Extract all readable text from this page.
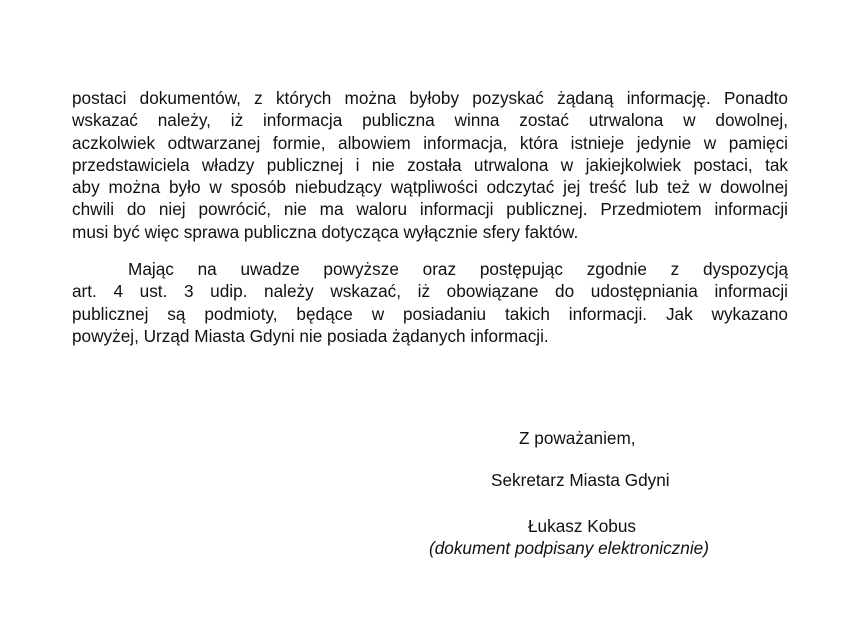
postaci dokumentów, z których można byłoby pozyskać żądaną informację. Ponadto
wskazać należy, iż informacja publiczna winna zostać utrwalona w dowolnej,
aczkolwiek odtwarzanej formie, albowiem informacja, która istnieje jedynie w pamięci
przedstawiciela władzy publicznej i nie została utrwalona w jakiejkolwiek postaci, tak
aby można było w sposób niebudzący wątpliwości odczytać jej treść lub też w dowolnej
chwili do niej powrócić, nie ma waloru informacji publicznej. Przedmiotem informacji
musi być więc sprawa publiczna dotycząca wyłącznie sfery faktów.

Mając na uwadze powyższe oraz postępując zgodnie z dyspozycją
art. 4 ust. 3 udip. należy wskazać, iż obowiązane do udostępniania informacji
publicznej są podmioty, będące w posiadaniu takich informacji. Jak wykazano
powyżej, Urząd Miasta Gdyni nie posiada żądanych informacji.

Z poważaniem,

Sekretarz Miasta Gdyni

Łukasz Kobus

(dokument podpisany elektronicznie)
